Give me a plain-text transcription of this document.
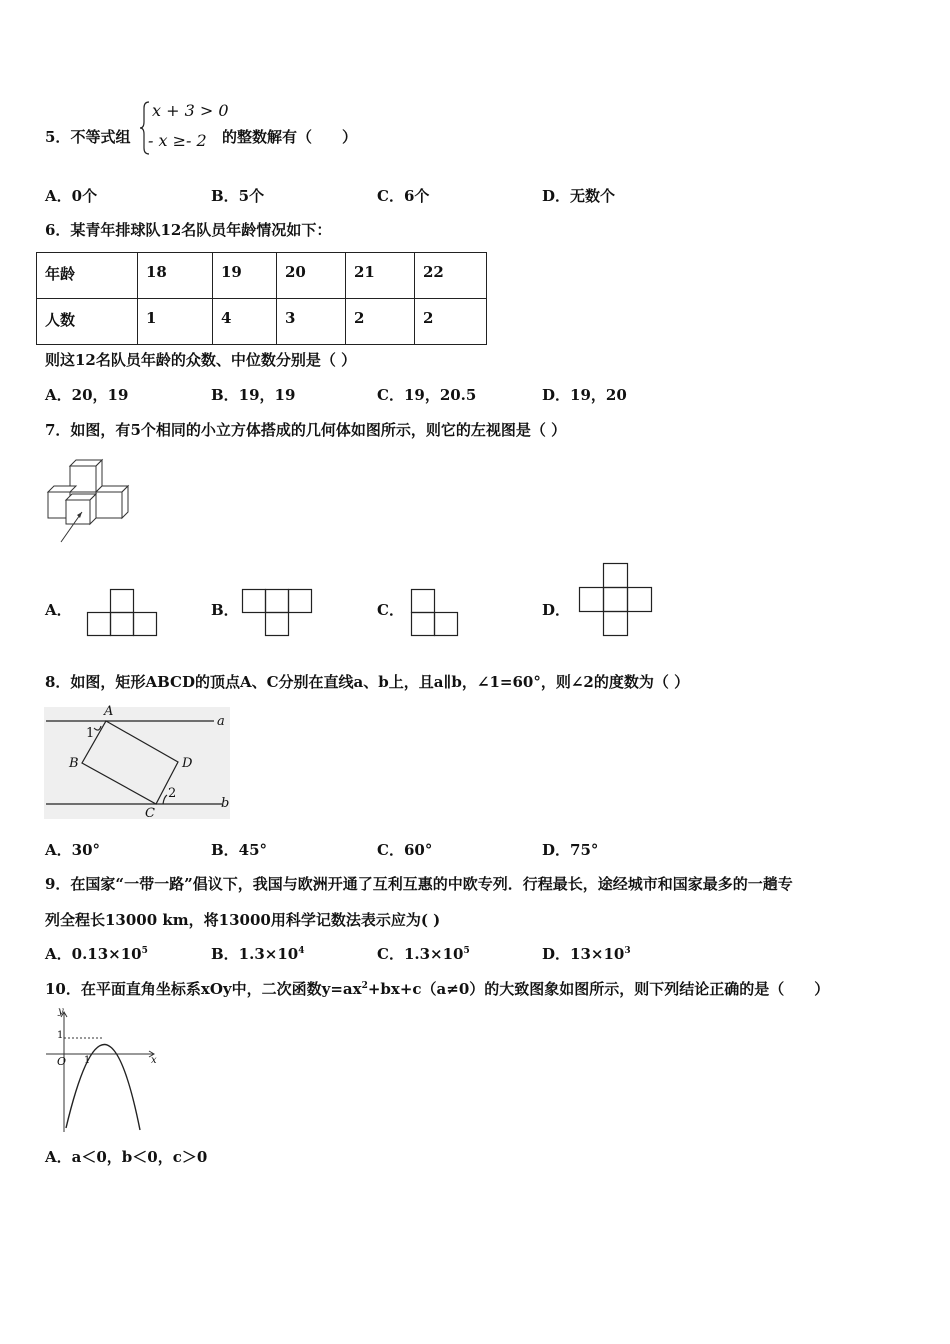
5．不等式组
x + 3 > 0
- x ≥- 2 的整数解有（　　）
A．0个	B．5个	C．6个	D．无数个
6．某青年排球队12名队员年龄情况如下：
年龄	18	19	20	21	22
人数	1	4	3	2	2
则这12名队员年龄的众数、中位数分别是（ ）
A．20，19	B．19，19	C．19，20.5	D．19，20
7．如图，有5个相同的小立方体搭成的几何体如图所示，则它的左视图是（ ）
A．	B．	C．	D．
8．如图，矩形ABCD的顶点A、C分别在直线a、b上，且a∥b，∠1=60°，则∠2的度数为（ ）
A
a
1
B	D
2
b
C
A．30°	B．45°	C．60°	D．75°
9．在国家“一带一路”倡议下，我国与欧洲开通了互利互惠的中欧专列．行程最长，途经城市和国家最多的一趟专
列全程长13000 km，将13000用科学记数法表示应为( )
A．$0.13\times 10^5$	B．$1.3\times 10^4$	C．$1.3\times 10^5$	D．$13\times 10^3$
10．在平面直角坐标系xOy中，二次函数$y=ax^2+bx+c(a\ne 0)$的大致图象如图所示，则下列结论正确的是（　　）
y
x
O
1
1
A．a＜0，b＜0，c＞0
